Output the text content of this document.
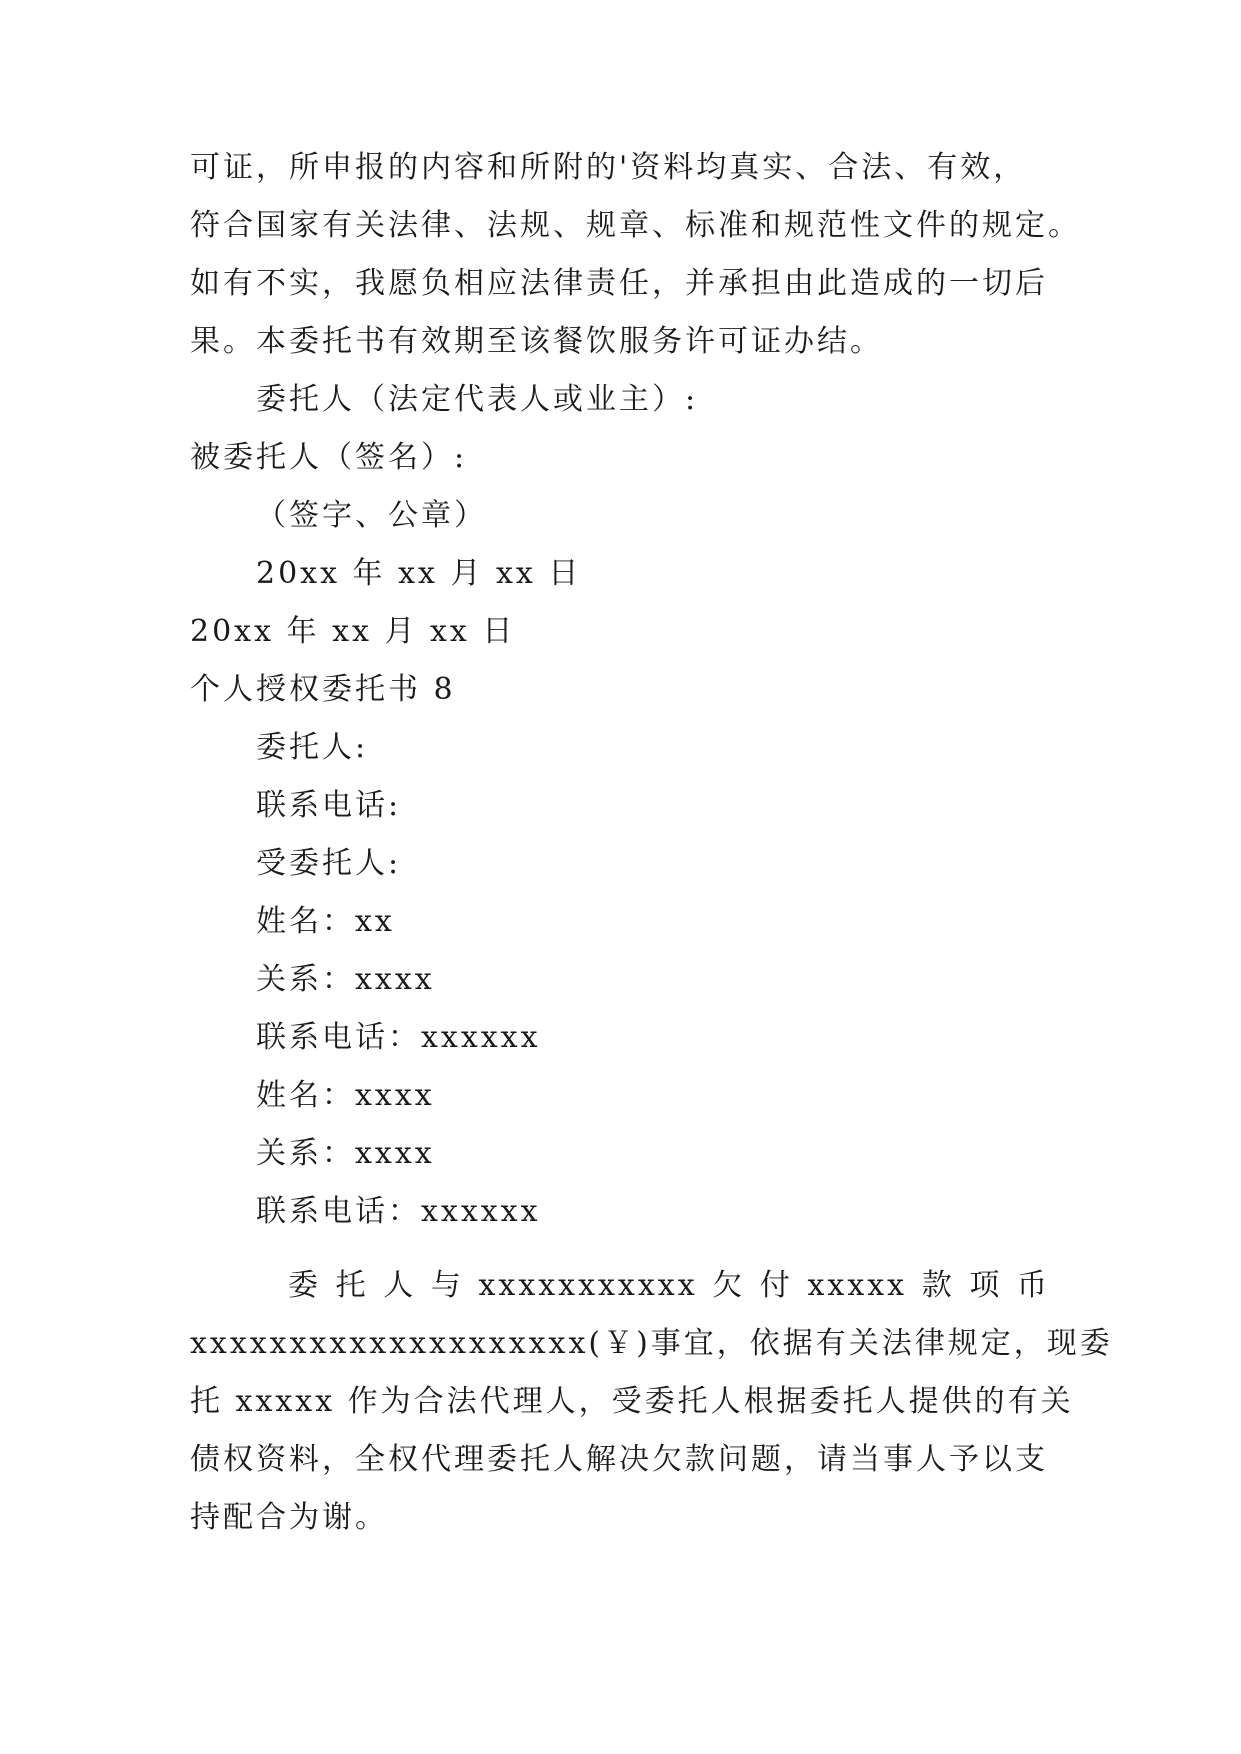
可证，所申报的内容和所附的'资料均真实、合法、有效，
符合国家有关法律、法规、规章、标准和规范性文件的规定。
如有不实，我愿负相应法律责任，并承担由此造成的一切后
果。本委托书有效期至该餐饮服务许可证办结。
委托人（法定代表人或业主）:
被委托人（签名）:
（签字、公章）
20xx 年 xx 月 xx 日
20xx 年 xx 月 xx 日
个人授权委托书 8
委托人:
联系电话:
受委托人:
姓名：xx
关系：xxxx
联系电话：xxxxxx
姓名：xxxx
关系：xxxx
联系电话：xxxxxx
委 托 人 与 xxxxxxxxxxx 欠 付 xxxxx 款 项 币
xxxxxxxxxxxxxxxxxxxx(￥)事宜，依据有关法律规定，现委
托 xxxxx 作为合法代理人，受委托人根据委托人提供的有关
债权资料，全权代理委托人解决欠款问题，请当事人予以支
持配合为谢。
